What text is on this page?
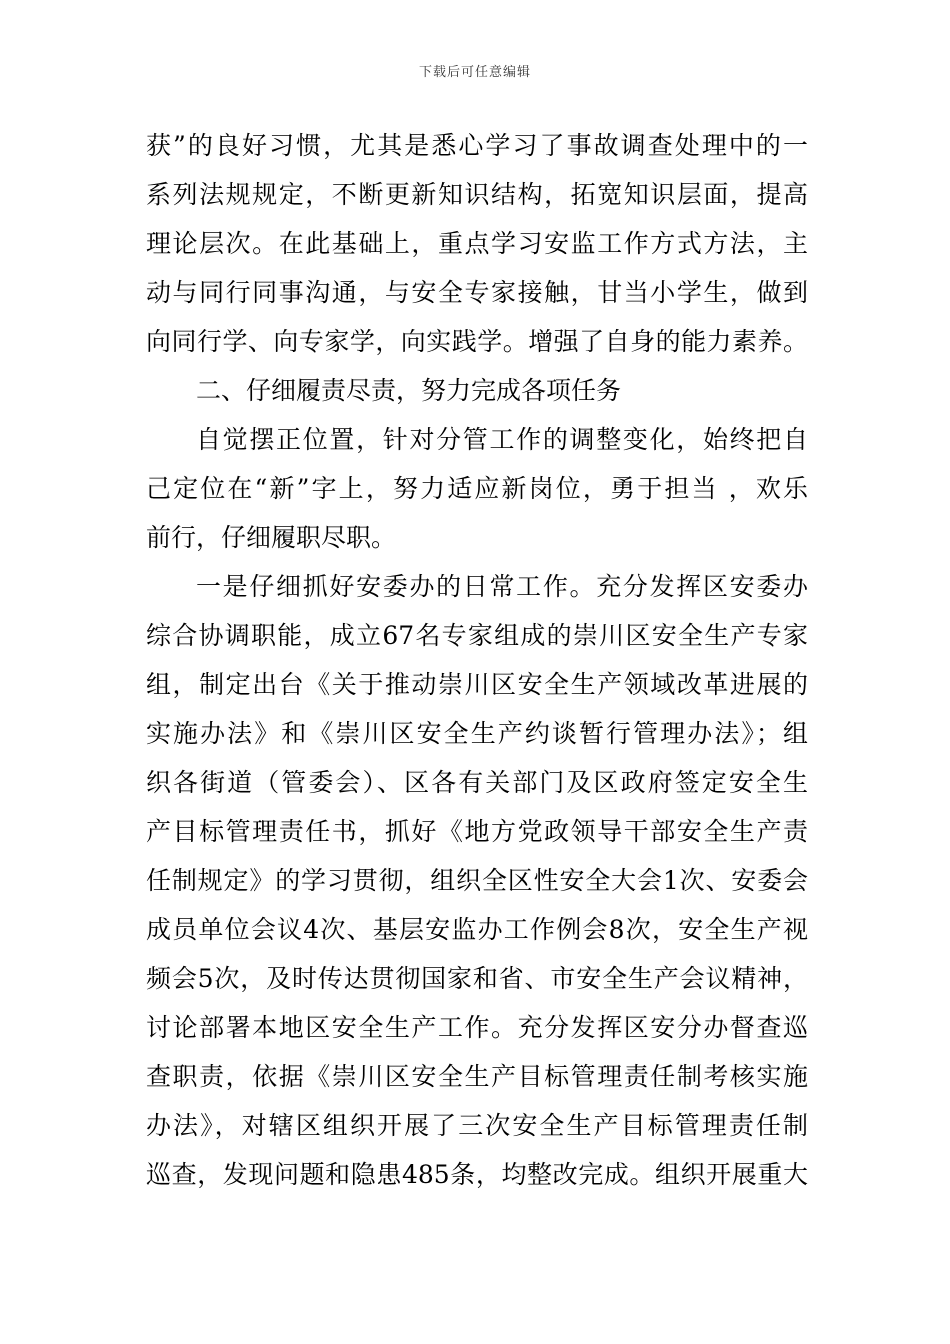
下载后可任意编辑
获”的良好习惯，尤其是悉心学习了事故调查处理中的一
系列法规规定，不断更新知识结构，拓宽知识层面，提高
理论层次。在此基础上，重点学习安监工作方式方法，主
动与同行同事沟通，与安全专家接触，甘当小学生，做到
向同行学、向专家学，向实践学。增强了自身的能力素养。
二、仔细履责尽责，努力完成各项任务
自觉摆正位置，针对分管工作的调整变化，始终把自
己定位在“新”字上，努力适应新岗位，勇于担当 ，欢乐
前行，仔细履职尽职。
一是仔细抓好安委办的日常工作。充分发挥区安委办
综合协调职能，成立67名专家组成的崇川区安全生产专家
组，制定出台《关于推动崇川区安全生产领域改革进展的
实施办法》和《崇川区安全生产约谈暂行管理办法》；组
织各街道（管委会）、区各有关部门及区政府签定安全生
产目标管理责任书，抓好《地方党政领导干部安全生产责
任制规定》的学习贯彻，组织全区性安全大会1次、安委会
成员单位会议4次、基层安监办工作例会8次，安全生产视
频会5次，及时传达贯彻国家和省、市安全生产会议精神，
讨论部署本地区安全生产工作。充分发挥区安分办督查巡
查职责，依据《崇川区安全生产目标管理责任制考核实施
办法》，对辖区组织开展了三次安全生产目标管理责任制
巡查，发现问题和隐患485条，均整改完成。组织开展重大
